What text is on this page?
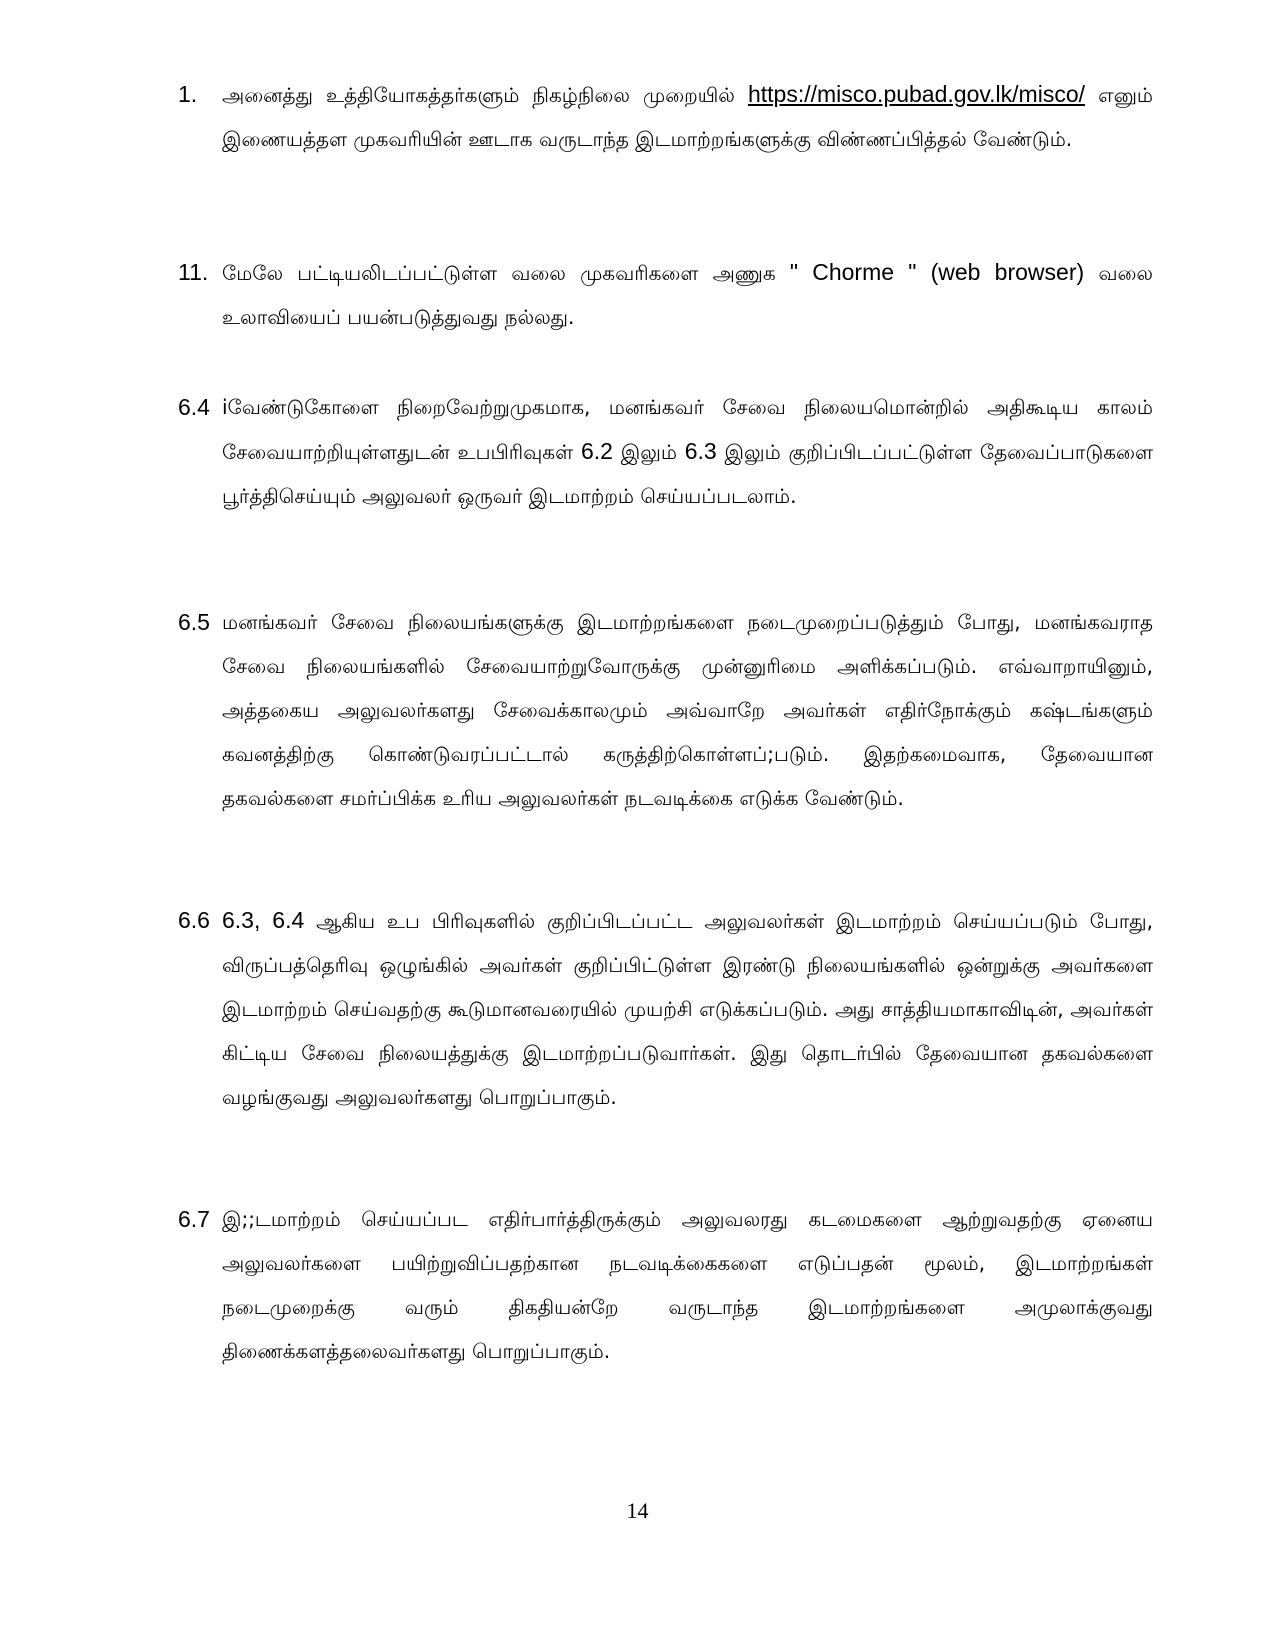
1. அனைத்து உத்தியோகத்தர்களும் நிகழ்நிலை முறையில் https://misco.pubad.gov.lk/misco/ எனும் இணையத்தள முகவரியின் ஊடாக வருடாந்த இடமாற்றங்களுக்கு விண்ணப்பித்தல் வேண்டும்.
11. மேலே பட்டியலிடப்பட்டுள்ள வலை முகவரிகளை அணுக " Chorme " (web browser) வலை உலாவியைப் பயன்படுத்துவது நல்லது.
6.4 iவேண்டுகோளை நிறைவேற்றுமுகமாக, மனங்கவர் சேவை நிலையமொன்றில் அதிகூடிய காலம் சேவையாற்றியுள்ளதுடன் உபபிரிவுகள் 6.2 இலும் 6.3 இலும் குறிப்பிடப்பட்டுள்ள தேவைப்பாடுகளை பூர்த்திசெய்யும் அலுவலர் ஒருவர் இடமாற்றம் செய்யப்படலாம்.
6.5 மனங்கவர் சேவை நிலையங்களுக்கு இடமாற்றங்களை நடைமுறைப்படுத்தும் போது, மனங்கவராத சேவை நிலையங்களில் சேவையாற்றுவோருக்கு முன்னுரிமை அளிக்கப்படும். எவ்வாறாயினும், அத்தகைய அலுவலர்களது சேவைக்காலமும் அவ்வாறே அவர்கள் எதிர்நோக்கும் கஷ்டங்களும் கவனத்திற்கு கொண்டுவரப்பட்டால் கருத்திற்கொள்ளப்;படும். இதற்கமைவாக, தேவையான தகவல்களை சமர்ப்பிக்க உரிய அலுவலர்கள் நடவடிக்கை எடுக்க வேண்டும்.
6.6 6.3, 6.4 ஆகிய உப பிரிவுகளில் குறிப்பிடப்பட்ட அலுவலர்கள் இடமாற்றம் செய்யப்படும் போது, விருப்பத்தெரிவு ஒழுங்கில் அவர்கள் குறிப்பிட்டுள்ள இரண்டு நிலையங்களில் ஒன்றுக்கு அவர்களை இடமாற்றம் செய்வதற்கு கூடுமானவரையில் முயற்சி எடுக்கப்படும். அது சாத்தியமாகாவிடின், அவர்கள் கிட்டிய சேவை நிலையத்துக்கு இடமாற்றப்படுவார்கள். இது தொடர்பில் தேவையான தகவல்களை வழங்குவது அலுவலர்களது பொறுப்பாகும்.
6.7 இ;;டமாற்றம் செய்யப்பட எதிர்பார்த்திருக்கும் அலுவலரது கடமைகளை ஆற்றுவதற்கு ஏனைய அலுவலர்களை பயிற்றுவிப்பதற்கான நடவடிக்கைகளை எடுப்பதன் மூலம், இடமாற்றங்கள் நடைமுறைக்கு வரும் திகதியன்றே வருடாந்த இடமாற்றங்களை அமுலாக்குவது திணைக்களத்தலைவர்களது பொறுப்பாகும்.
14
